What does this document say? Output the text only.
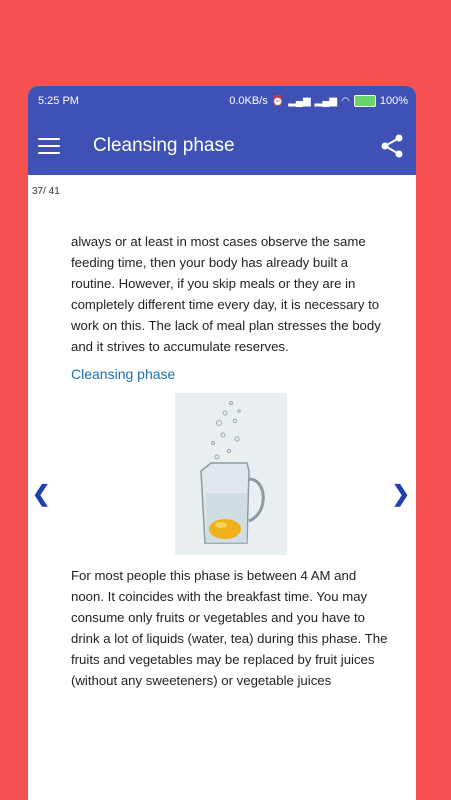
5:25 PM	0.0KB/s ⏰ ▂▄▆ ▂▄▆ ◠	100%
Cleansing phase
37/ 41

always or at least in most cases observe the same feeding time, then your body has already built a routine. However, if you skip meals or they are in completely different time every day, it is necessary to work on this. The lack of meal plan stresses the body and it strives to accumulate reserves.

Cleansing phase

For most people this phase is between 4 AM and noon. It coincides with the breakfast time. You may consume only fruits or vegetables and you have to drink a lot of liquids (water, tea) during this phase. The fruits and vegetables may be replaced by fruit juices (without any sweeteners) or vegetable juices

❮	❯
